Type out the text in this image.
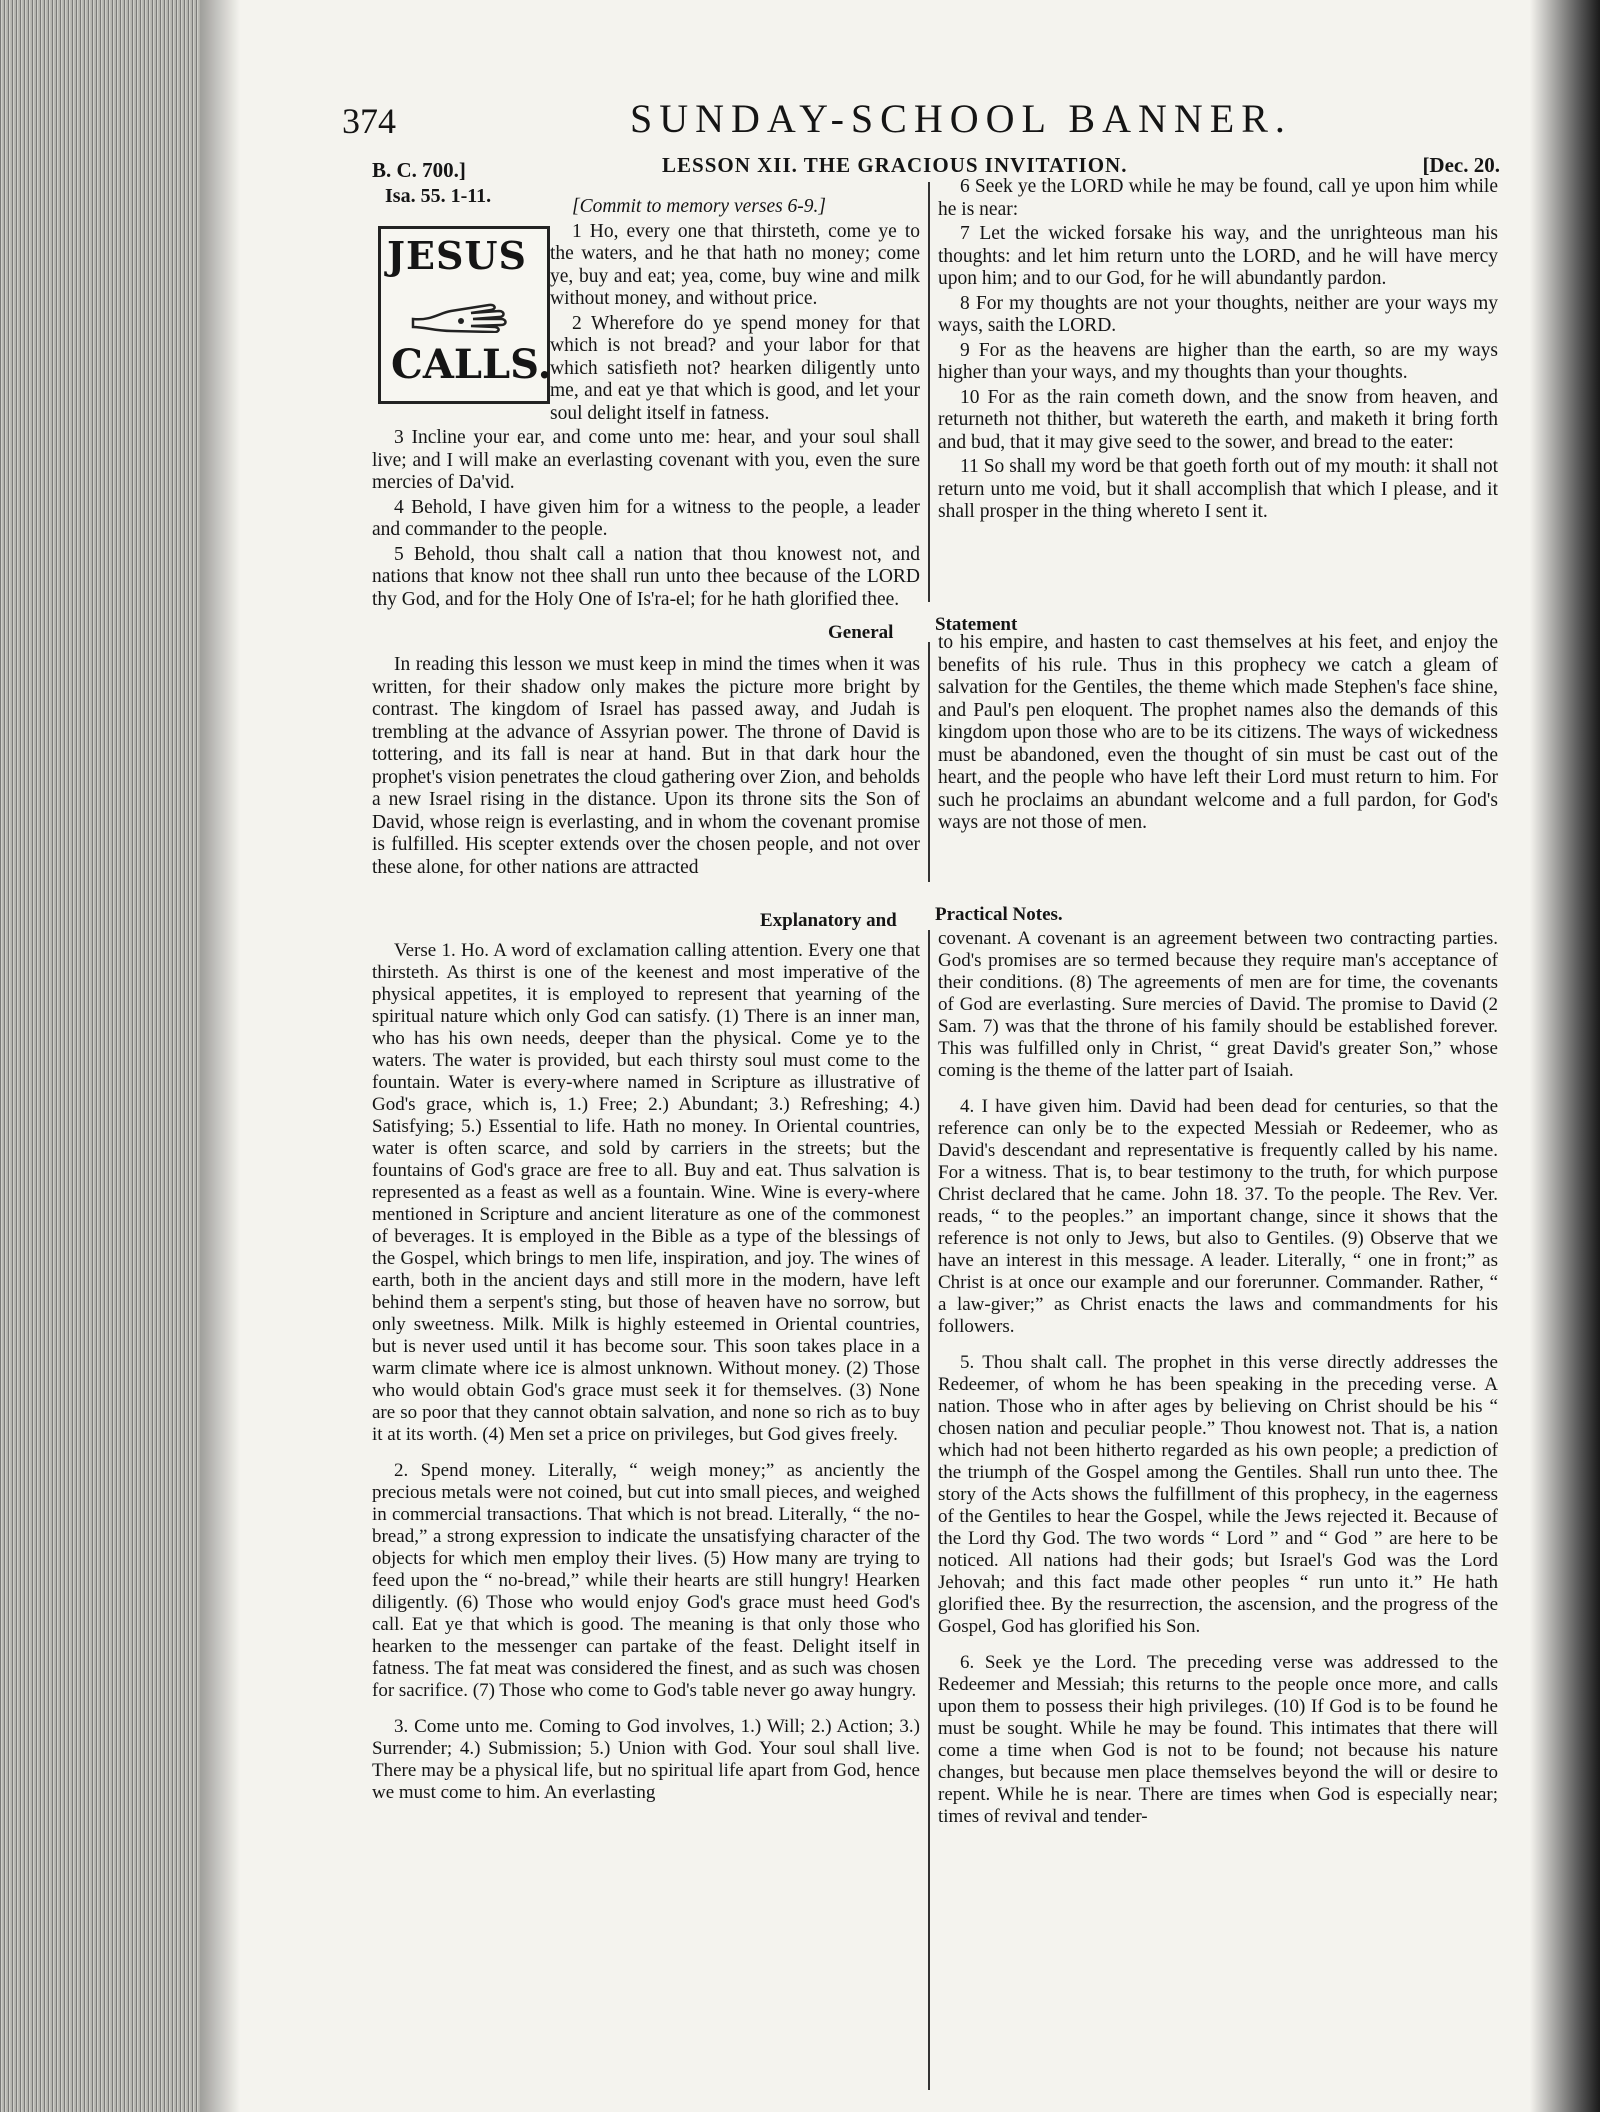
374	SUNDAY-SCHOOL BANNER.
B. C. 700.]	LESSON XII. THE GRACIOUS INVITATION.	[Dec. 20.
Isa. 55. 1-11.
JESUS
CALLS.

[Commit to memory verses 6-9.]

1 Ho, every one that thirsteth, come ye to the waters, and he that hath no money; come ye, buy and eat; yea, come, buy wine and milk without money, and without price.

2 Wherefore do ye spend money for that which is not bread? and your labor for that which satisfieth not? hearken diligently unto me, and eat ye that which is good, and let your soul delight itself in fatness.

3 Incline your ear, and come unto me: hear, and your soul shall live; and I will make an everlasting covenant with you, even the sure mercies of Da'vid.

4 Behold, I have given him for a witness to the people, a leader and commander to the people.

5 Behold, thou shalt call a nation that thou knowest not, and nations that know not thee shall run unto thee because of the LORD thy God, and for the Holy One of Is'ra-el; for he hath glorified thee.

6 Seek ye the LORD while he may be found, call ye upon him while he is near:

7 Let the wicked forsake his way, and the unrighteous man his thoughts: and let him return unto the LORD, and he will have mercy upon him; and to our God, for he will abundantly pardon.

8 For my thoughts are not your thoughts, neither are your ways my ways, saith the LORD.

9 For as the heavens are higher than the earth, so are my ways higher than your ways, and my thoughts than your thoughts.

10 For as the rain cometh down, and the snow from heaven, and returneth not thither, but watereth the earth, and maketh it bring forth and bud, that it may give seed to the sower, and bread to the eater:

11 So shall my word be that goeth forth out of my mouth: it shall not return unto me void, but it shall accomplish that which I please, and it shall prosper in the thing whereto I sent it.

General Statement

In reading this lesson we must keep in mind the times when it was written, for their shadow only makes the picture more bright by contrast. The kingdom of Israel has passed away, and Judah is trembling at the advance of Assyrian power. The throne of David is tottering, and its fall is near at hand. But in that dark hour the prophet's vision penetrates the cloud gathering over Zion, and beholds a new Israel rising in the distance. Upon its throne sits the Son of David, whose reign is everlasting, and in whom the covenant promise is fulfilled. His scepter extends over the chosen people, and not over these alone, for other nations are attracted

to his empire, and hasten to cast themselves at his feet, and enjoy the benefits of his rule. Thus in this prophecy we catch a gleam of salvation for the Gentiles, the theme which made Stephen's face shine, and Paul's pen eloquent. The prophet names also the demands of this kingdom upon those who are to be its citizens. The ways of wickedness must be abandoned, even the thought of sin must be cast out of the heart, and the people who have left their Lord must return to him. For such he proclaims an abundant welcome and a full pardon, for God's ways are not those of men.

Explanatory and Practical Notes.

Verse 1. Ho. A word of exclamation calling attention. Every one that thirsteth. As thirst is one of the keenest and most imperative of the physical appetites, it is employed to represent that yearning of the spiritual nature which only God can satisfy. (1) There is an inner man, who has his own needs, deeper than the physical. Come ye to the waters. The water is provided, but each thirsty soul must come to the fountain. Water is every-where named in Scripture as illustrative of God's grace, which is, 1.) Free; 2.) Abundant; 3.) Refreshing; 4.) Satisfying; 5.) Essential to life. Hath no money. In Oriental countries, water is often scarce, and sold by carriers in the streets; but the fountains of God's grace are free to all. Buy and eat. Thus salvation is represented as a feast as well as a fountain. Wine. Wine is every-where mentioned in Scripture and ancient literature as one of the commonest of beverages. It is employed in the Bible as a type of the blessings of the Gospel, which brings to men life, inspiration, and joy. The wines of earth, both in the ancient days and still more in the modern, have left behind them a serpent's sting, but those of heaven have no sorrow, but only sweetness. Milk. Milk is highly esteemed in Oriental countries, but is never used until it has become sour. This soon takes place in a warm climate where ice is almost unknown. Without money. (2) Those who would obtain God's grace must seek it for themselves. (3) None are so poor that they cannot obtain salvation, and none so rich as to buy it at its worth. (4) Men set a price on privileges, but God gives freely.

2. Spend money. Literally, “ weigh money;” as anciently the precious metals were not coined, but cut into small pieces, and weighed in commercial transactions. That which is not bread. Literally, “ the no-bread,” a strong expression to indicate the unsatisfying character of the objects for which men employ their lives. (5) How many are trying to feed upon the “ no-bread,” while their hearts are still hungry! Hearken diligently. (6) Those who would enjoy God's grace must heed God's call. Eat ye that which is good. The meaning is that only those who hearken to the messenger can partake of the feast. Delight itself in fatness. The fat meat was considered the finest, and as such was chosen for sacrifice. (7) Those who come to God's table never go away hungry.

3. Come unto me. Coming to God involves, 1.) Will; 2.) Action; 3.) Surrender; 4.) Submission; 5.) Union with God. Your soul shall live. There may be a physical life, but no spiritual life apart from God, hence we must come to him. An everlasting

covenant. A covenant is an agreement between two contracting parties. God's promises are so termed because they require man's acceptance of their conditions. (8) The agreements of men are for time, the covenants of God are everlasting. Sure mercies of David. The promise to David (2 Sam. 7) was that the throne of his family should be established forever. This was fulfilled only in Christ, “ great David's greater Son,” whose coming is the theme of the latter part of Isaiah.

4. I have given him. David had been dead for centuries, so that the reference can only be to the expected Messiah or Redeemer, who as David's descendant and representative is frequently called by his name. For a witness. That is, to bear testimony to the truth, for which purpose Christ declared that he came. John 18. 37. To the people. The Rev. Ver. reads, “ to the peoples.” an important change, since it shows that the reference is not only to Jews, but also to Gentiles. (9) Observe that we have an interest in this message. A leader. Literally, “ one in front;” as Christ is at once our example and our forerunner. Commander. Rather, “ a law-giver;” as Christ enacts the laws and commandments for his followers.

5. Thou shalt call. The prophet in this verse directly addresses the Redeemer, of whom he has been speaking in the preceding verse. A nation. Those who in after ages by believing on Christ should be his “ chosen nation and peculiar people.” Thou knowest not. That is, a nation which had not been hitherto regarded as his own people; a prediction of the triumph of the Gospel among the Gentiles. Shall run unto thee. The story of the Acts shows the fulfillment of this prophecy, in the eagerness of the Gentiles to hear the Gospel, while the Jews rejected it. Because of the Lord thy God. The two words “ Lord ” and “ God ” are here to be noticed. All nations had their gods; but Israel's God was the Lord Jehovah; and this fact made other peoples “ run unto it.” He hath glorified thee. By the resurrection, the ascension, and the progress of the Gospel, God has glorified his Son.

6. Seek ye the Lord. The preceding verse was addressed to the Redeemer and Messiah; this returns to the people once more, and calls upon them to possess their high privileges. (10) If God is to be found he must be sought. While he may be found. This intimates that there will come a time when God is not to be found; not because his nature changes, but because men place themselves beyond the will or desire to repent. While he is near. There are times when God is especially near; times of revival and tender-
